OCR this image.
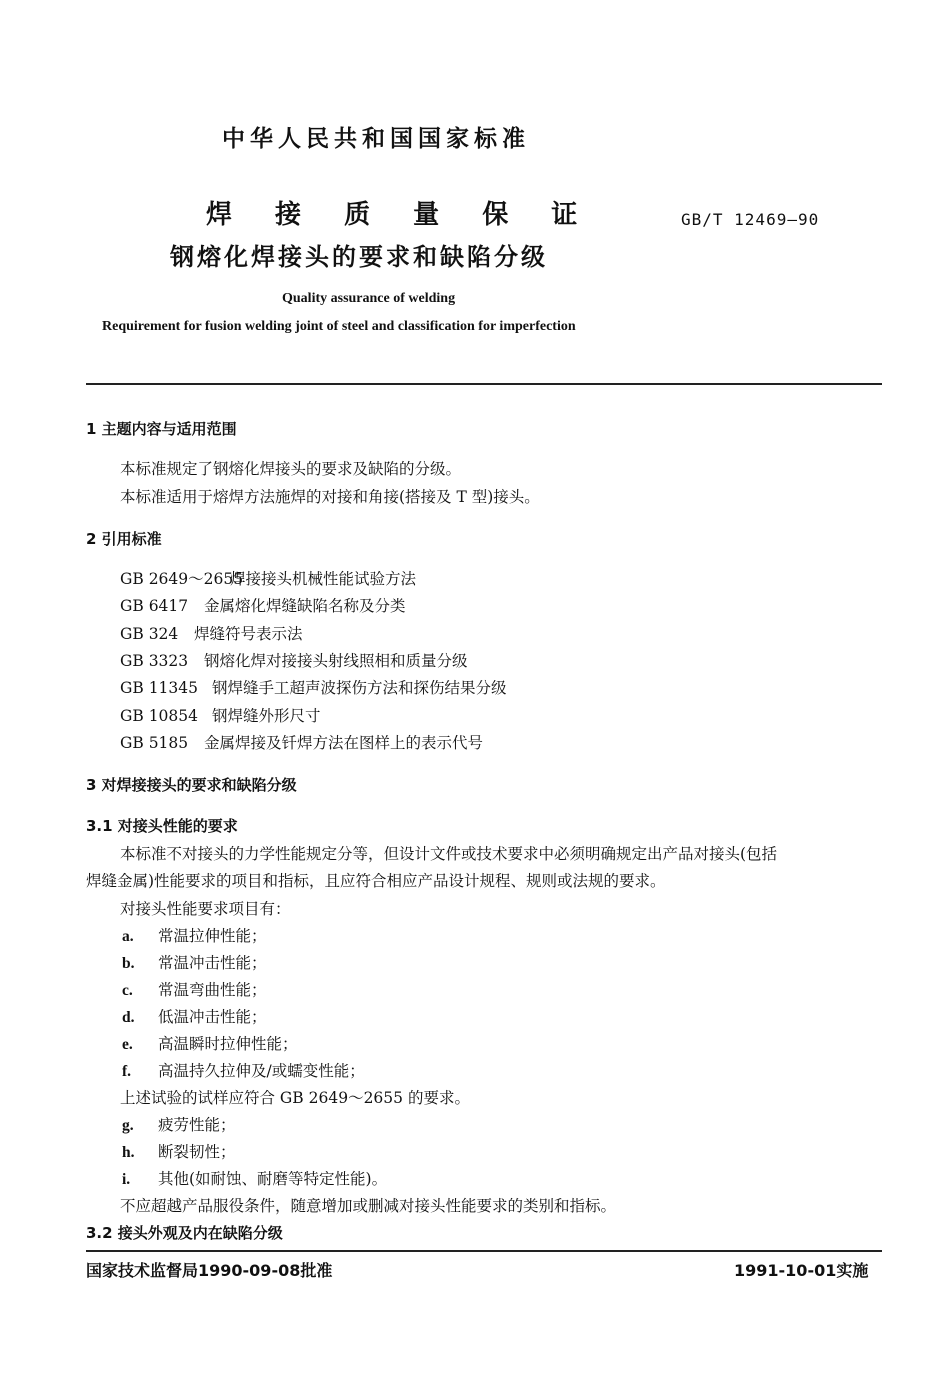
中华人民共和国国家标准
焊 接 质 量 保 证	GB/T 12469—90
钢熔化焊接头的要求和缺陷分级
Quality assurance of welding
Requirement for fusion welding joint of steel and classification for imperfection
1 主题内容与适用范围
本标准规定了钢熔化焊接头的要求及缺陷的分级。
本标准适用于熔焊方法施焊的对接和角接(搭接及 T 型)接头。
2 引用标准
GB 2649～2655焊接接头机械性能试验方法
GB 6417 金属熔化焊缝缺陷名称及分类
GB 324 焊缝符号表示法
GB 3323 钢熔化焊对接接头射线照相和质量分级
GB 11345 钢焊缝手工超声波探伤方法和探伤结果分级
GB 10854 钢焊缝外形尺寸
GB 5185 金属焊接及钎焊方法在图样上的表示代号
3 对焊接接头的要求和缺陷分级
3.1 对接头性能的要求
本标准不对接头的力学性能规定分等，但设计文件或技术要求中必须明确规定出产品对接头(包括
焊缝金属)性能要求的项目和指标，且应符合相应产品设计规程、规则或法规的要求。
对接头性能要求项目有：
a. 常温拉伸性能；
b. 常温冲击性能；
c. 常温弯曲性能；
d. 低温冲击性能；
e. 高温瞬时拉伸性能；
f. 高温持久拉伸及/或蠕变性能；
上述试验的试样应符合 GB 2649～2655 的要求。
g. 疲劳性能；
h. 断裂韧性；
i. 其他(如耐蚀、耐磨等特定性能)。
不应超越产品服役条件，随意增加或删减对接头性能要求的类别和指标。
3.2 接头外观及内在缺陷分级
国家技术监督局1990-09-08批准	1991-10-01实施
